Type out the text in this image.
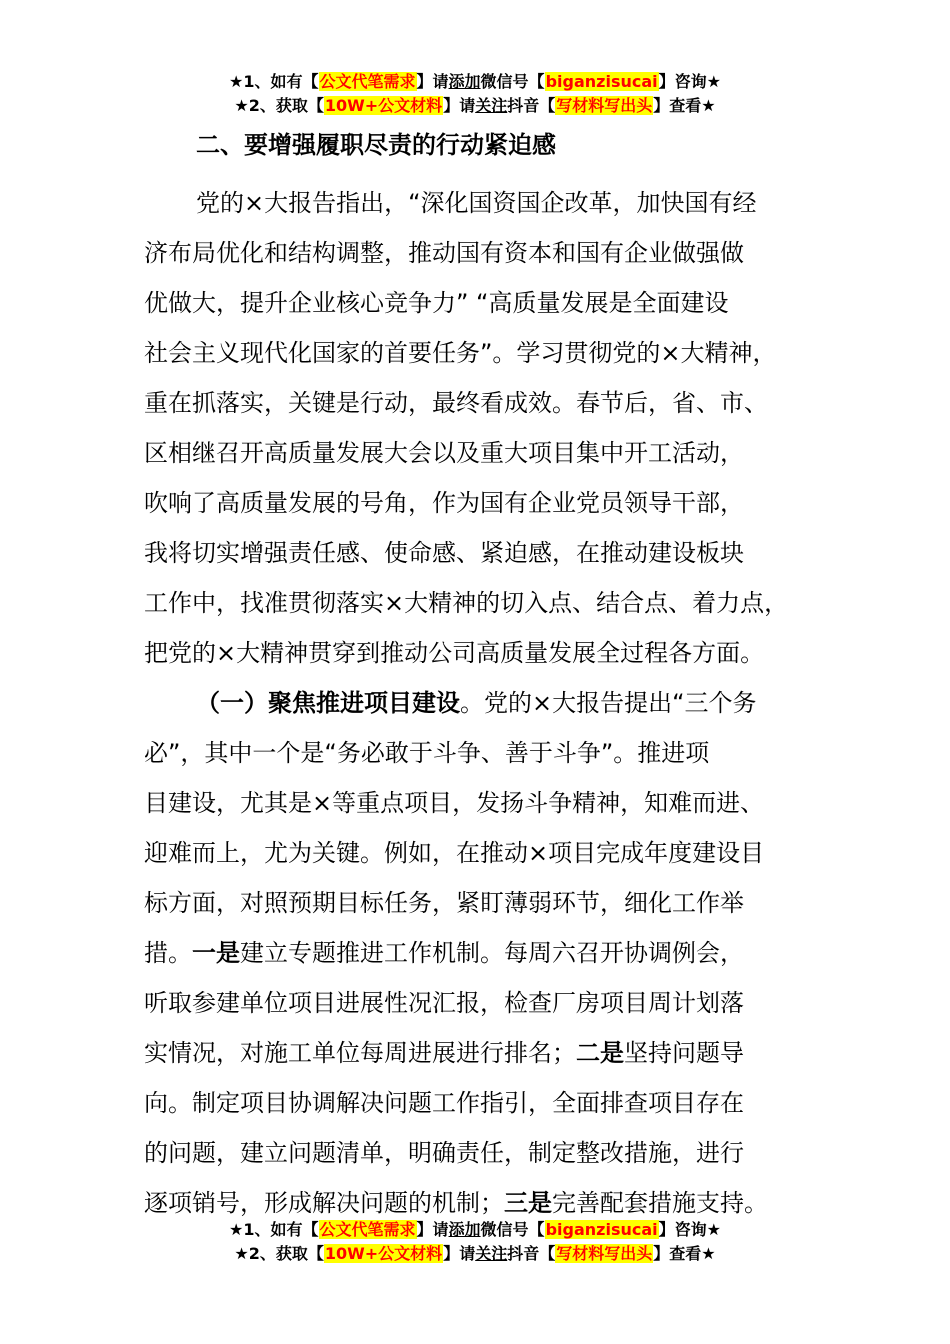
★1、如有【公文代笔需求】请添加微信号【biganzisucai】咨询★
★2、获取【10W+公文材料】请关注抖音【写材料写出头】查看★
二、要增强履职尽责的行动紧迫感
党的×大报告指出，“深化国资国企改革，加快国有经
济布局优化和结构调整，推动国有资本和国有企业做强做
优做大，提升企业核心竞争力” “高质量发展是全面建设
社会主义现代化国家的首要任务”。学习贯彻党的×大精神，
重在抓落实，关键是行动，最终看成效。春节后，省、市、
区相继召开高质量发展大会以及重大项目集中开工活动，
吹响了高质量发展的号角，作为国有企业党员领导干部，
我将切实增强责任感、使命感、紧迫感，在推动建设板块
工作中，找准贯彻落实×大精神的切入点、结合点、着力点，
把党的×大精神贯穿到推动公司高质量发展全过程各方面。
（一）聚焦推进项目建设。党的×大报告提出“三个务
必”，其中一个是“务必敢于斗争、善于斗争”。推进项
目建设，尤其是×等重点项目，发扬斗争精神，知难而进、
迎难而上，尤为关键。例如，在推动×项目完成年度建设目
标方面，对照预期目标任务，紧盯薄弱环节，细化工作举
措。一是建立专题推进工作机制。每周六召开协调例会，
听取参建单位项目进展性况汇报，检查厂房项目周计划落
实情况，对施工单位每周进展进行排名；二是坚持问题导
向。制定项目协调解决问题工作指引，全面排查项目存在
的问题，建立问题清单，明确责任，制定整改措施，进行
逐项销号，形成解决问题的机制；三是完善配套措施支持。
★1、如有【公文代笔需求】请添加微信号【biganzisucai】咨询★
★2、获取【10W+公文材料】请关注抖音【写材料写出头】查看★
